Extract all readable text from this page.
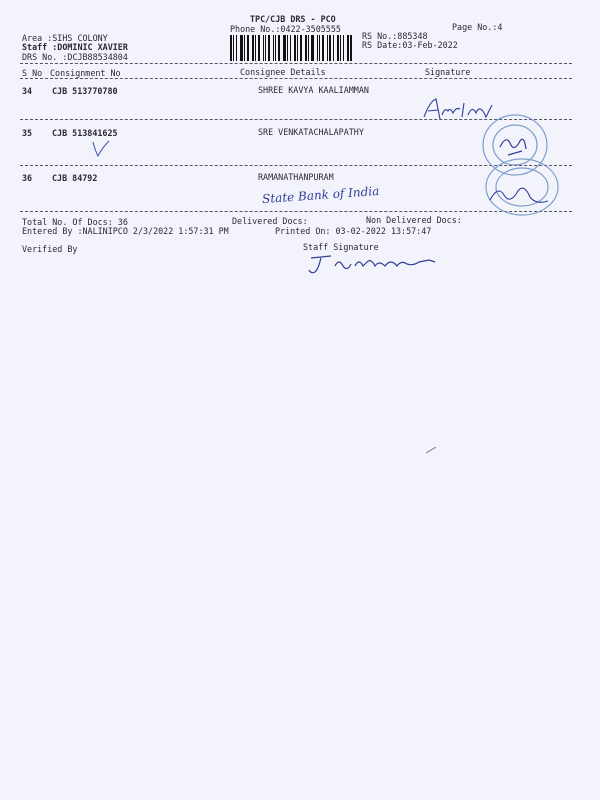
TPC/CJB DRS - PCO
Phone No.:0422-3505555	Page No.:4
Area :SIHS COLONY
Staff :DOMINIC XAVIER
DRS No. :DCJB88534804
RS No.:885348
RS Date:03-Feb-2022
S No Consignment No	Consignee Details	Signature
34 CJB 513770780	SHREE KAVYA KAALIAMMAN
35 CJB 513841625	SRE VENKATACHALAPATHY
36 CJB 84792	RAMANATHANPURAM
Total No. Of Docs: 36	Delivered Docs:	Non Delivered Docs:
Entered By :NALINIPCO 2/3/2022 1:57:31 PM	Printed On: 03-02-2022 13:57:47
Verified By	Staff Signature
State Bank of India
